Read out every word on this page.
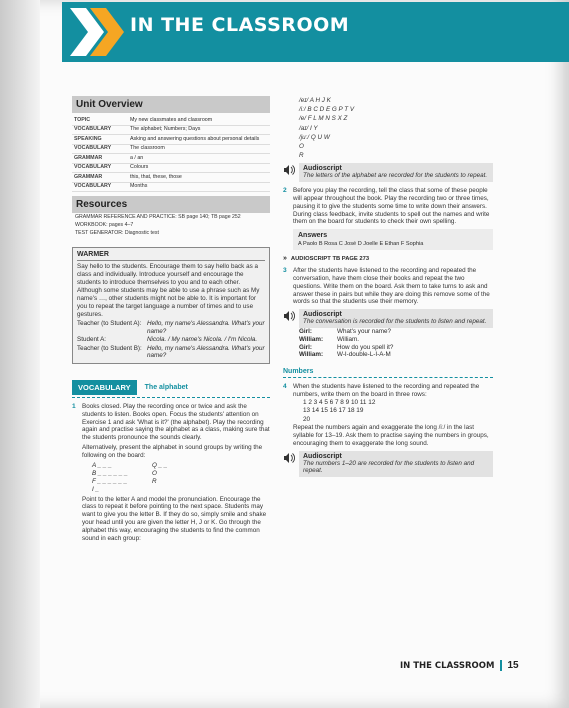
IN THE CLASSROOM
Unit Overview
TOPIC	My new classmates and classroom
VOCABULARY	The alphabet; Numbers; Days
SPEAKING	Asking and answering questions about personal details
VOCABULARY	The classroom
GRAMMAR	a / an
VOCABULARY	Colours
GRAMMAR	this, that, these, those
VOCABULARY	Months
Resources
GRAMMAR REFERENCE AND PRACTICE: SB page 140; TB page 252
WORKBOOK: pages 4–7
TEST GENERATOR: Diagnostic test
WARMER
Say hello to the students. Encourage them to say hello back as a class and individually. Introduce yourself and encourage the students to introduce themselves to you and to each other. Although some students may be able to use a phrase such as My name's …, other students might not be able to. It is important for you to repeat the target language a number of times and to use gestures.
Teacher (to Student A): Hello, my name's Alessandra. What's your name?
Student A:	Nicola. / My name's Nicola. / I'm Nicola.
Teacher (to Student B): Hello, my name's Alessandra. What's your name?
VOCABULARY	The alphabet
1	Books closed. Play the recording once or twice and ask the students to listen. Books open. Focus the students' attention on Exercise 1 and ask 'What is it?' (the alphabet). Play the recording again and practise saying the alphabet as a class, making sure that the students pronounce the sounds clearly.
Alternatively, present the alphabet in sound groups by writing the following on the board:
A _ _ _	Q _ _
B _ _ _ _ _ _	O
F _ _ _ _ _ _	R
I _
Point to the letter A and model the pronunciation. Encourage the class to repeat it before pointing to the next space. Students may want to give you the letter B. If they do so, simply smile and shake your head until you are given the letter H, J or K. Go through the alphabet this way, encouraging the students to find the common sound in each group:
/eɪ/ A H J K
/iː/ B C D E G P T V
/e/ F L M N S X Z
/aɪ/ I Y
/juː/ Q U W
O
R
Audioscript
The letters of the alphabet are recorded for the students to repeat.
2	Before you play the recording, tell the class that some of these people will appear throughout the book. Play the recording two or three times, pausing it to give the students some time to write down their answers. During class feedback, invite students to spell out the names and write them on the board for students to check their own spelling.
Answers
A Paolo B Rosa C José D Joelle E Ethan F Sophia
» AUDIOSCRIPT TB PAGE 273
3	After the students have listened to the recording and repeated the conversation, have them close their books and repeat the two questions. Write them on the board. Ask them to take turns to ask and answer these in pairs but while they are doing this remove some of the words so that the students use their memory.
Audioscript
The conversation is recorded for the students to listen and repeat.
Girl:	What's your name?
William:	William.
Girl:	How do you spell it?
William:	W-I-double-L-I-A-M
Numbers
4	When the students have listened to the recording and repeated the numbers, write them on the board in three rows:
1 2 3 4 5 6 7 8 9 10 11 12
13 14 15 16 17 18 19
20
Repeat the numbers again and exaggerate the long /iː/ in the last syllable for 13–19. Ask them to practise saying the numbers in groups, encouraging them to exaggerate the long sound.
Audioscript
The numbers 1–20 are recorded for the students to listen and repeat.
IN THE CLASSROOM	15
